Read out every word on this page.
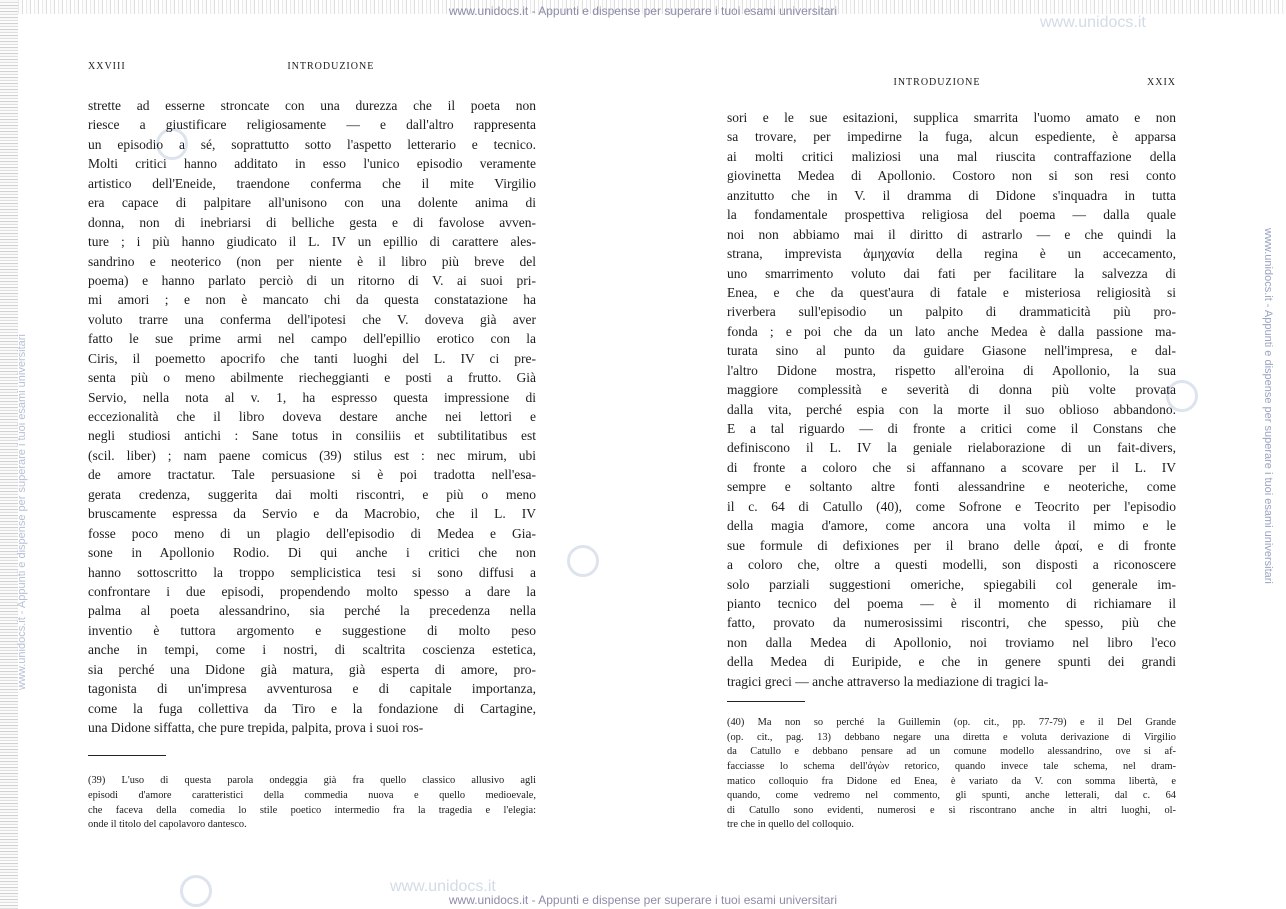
www.unidocs.it - Appunti e dispense per superare i tuoi esami universitari
www.unidocs.it - Appunti e dispense per superare i tuoi esami universitari
www.unidocs.it - Appunti e dispense per superare i tuoi esami universitari
www.unidocs.it - Appunti e dispense per superare i tuoi esami universitari
www.unidocs.it
www.unidocs.it
XXVIII	INTRODUZIONE
strette ad esserne stroncate con una durezza che il poeta non
riesce a giustificare religiosamente — e dall'altro rappresenta
un episodio a sé, soprattutto sotto l'aspetto letterario e tecnico.
Molti critici hanno additato in esso l'unico episodio veramente
artistico dell'Eneide, traendone conferma che il mite Virgilio
era capace di palpitare all'unisono con una dolente anima di
donna, non di inebriarsi di belliche gesta e di favolose avven-
ture ; i più hanno giudicato il L. IV un epillio di carattere ales-
sandrino e neoterico (non per niente è il libro più breve del
poema) e hanno parlato perciò di un ritorno di V. ai suoi pri-
mi amori ; e non è mancato chi da questa constatazione ha
voluto trarre una conferma dell'ipotesi che V. doveva già aver
fatto le sue prime armi nel campo dell'epillio erotico con la
Ciris, il poemetto apocrifo che tanti luoghi del L. IV ci pre-
senta più o meno abilmente riecheggianti e posti a frutto. Già
Servio, nella nota al v. 1, ha espresso questa impressione di
eccezionalità che il libro doveva destare anche nei lettori e
negli studiosi antichi : Sane totus in consiliis et subtilitatibus est
(scil. liber) ; nam paene comicus (39) stilus est : nec mirum, ubi
de amore tractatur. Tale persuasione si è poi tradotta nell'esa-
gerata credenza, suggerita dai molti riscontri, e più o meno
bruscamente espressa da Servio e da Macrobio, che il L. IV
fosse poco meno di un plagio dell'episodio di Medea e Gia-
sone in Apollonio Rodio. Di qui anche i critici che non
hanno sottoscritto la troppo semplicistica tesi si sono diffusi a
confrontare i due episodi, propendendo molto spesso a dare la
palma al poeta alessandrino, sia perché la precedenza nella
inventio è tuttora argomento e suggestione di molto peso
anche in tempi, come i nostri, di scaltrita coscienza estetica,
sia perché una Didone già matura, già esperta di amore, pro-
tagonista di un'impresa avventurosa e di capitale importanza,
come la fuga collettiva da Tiro e la fondazione di Cartagine,
una Didone siffatta, che pure trepida, palpita, prova i suoi ros-
(39) L'uso di questa parola ondeggia già fra quello classico allusivo agli
episodi d'amore caratteristici della commedia nuova e quello medioevale,
che faceva della comedia lo stile poetico intermedio fra la tragedia e l'elegia:
onde il titolo del capolavoro dantesco.
INTRODUZIONE	XXIX
sori e le sue esitazioni, supplica smarrita l'uomo amato e non
sa trovare, per impedirne la fuga, alcun espediente, è apparsa
ai molti critici maliziosi una mal riuscita contraffazione della
giovinetta Medea di Apollonio. Costoro non si son resi conto
anzitutto che in V. il dramma di Didone s'inquadra in tutta
la fondamentale prospettiva religiosa del poema — dalla quale
noi non abbiamo mai il diritto di astrarlo — e che quindi la
strana, imprevista ἀμηχανία della regina è un accecamento,
uno smarrimento voluto dai fati per facilitare la salvezza di
Enea, e che da quest'aura di fatale e misteriosa religiosità si
riverbera sull'episodio un palpito di drammaticità più pro-
fonda ; e poi che da un lato anche Medea è dalla passione ma-
turata sino al punto da guidare Giasone nell'impresa, e dal-
l'altro Didone mostra, rispetto all'eroina di Apollonio, la sua
maggiore complessità e severità di donna più volte provata
dalla vita, perché espia con la morte il suo oblioso abbandono.
E a tal riguardo — di fronte a critici come il Constans che
definiscono il L. IV la geniale rielaborazione di un fait-divers,
di fronte a coloro che si affannano a scovare per il L. IV
sempre e soltanto altre fonti alessandrine e neoteriche, come
il c. 64 di Catullo (40), come Sofrone e Teocrito per l'episodio
della magia d'amore, come ancora una volta il mimo e le
sue formule di defixiones per il brano delle ἀραί, e di fronte
a coloro che, oltre a questi modelli, son disposti a riconoscere
solo parziali suggestioni omeriche, spiegabili col generale im-
pianto tecnico del poema — è il momento di richiamare il
fatto, provato da numerosissimi riscontri, che spesso, più che
non dalla Medea di Apollonio, noi troviamo nel libro l'eco
della Medea di Euripide, e che in genere spunti dei grandi
tragici greci — anche attraverso la mediazione di tragici la-
(40) Ma non so perché la Guillemin (op. cit., pp. 77-79) e il Del Grande
(op. cit., pag. 13) debbano negare una diretta e voluta derivazione di Virgilio
da Catullo e debbano pensare ad un comune modello alessandrino, ove si af-
facciasse lo schema dell'ἀγὼν retorico, quando invece tale schema, nel dram-
matico colloquio fra Didone ed Enea, è variato da V. con somma libertà, e
quando, come vedremo nel commento, gli spunti, anche letterali, dal c. 64
di Catullo sono evidenti, numerosi e si riscontrano anche in altri luoghi, ol-
tre che in quello del colloquio.
